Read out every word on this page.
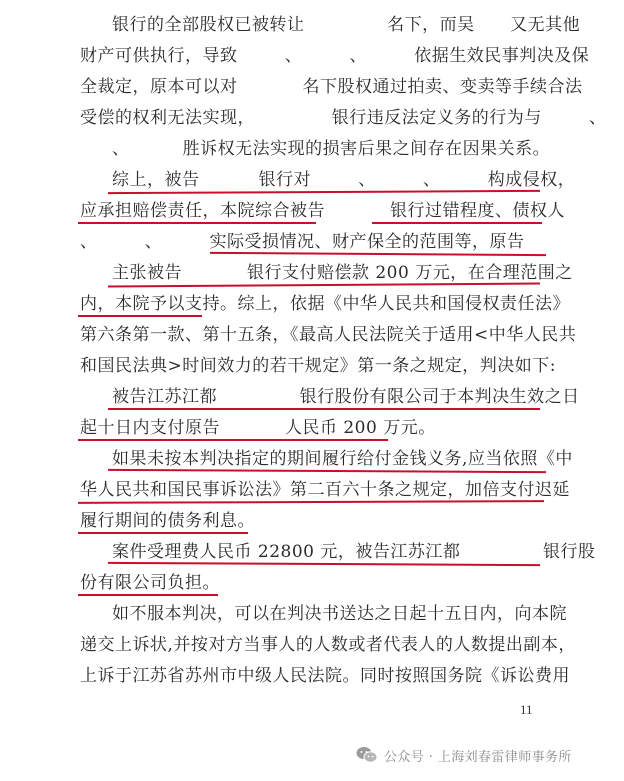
银行的全部股权已被转让              名下，而吴      又无其他
财产可供执行，导致        、        、        依据生效民事判决及保
全裁定，原本可以对           名下股权通过拍卖、变卖等手续合法
受偿的权利无法实现，             银行违反法定义务的行为与        、
、         胜诉权无法实现的损害后果之间存在因果关系。
综上，被告          银行对        、        、        构成侵权，
应承担赔偿责任，本院综合被告           银行过错程度、债权人
、        、        实际受损情况、财产保全的范围等，原告
主张被告           银行支付赔偿款 200 万元，在合理范围之
内，本院予以支持。综上，依据《中华人民共和国侵权责任法》
第六条第一款、第十五条，《最高人民法院关于适用<中华人民共
和国民法典>时间效力的若干规定》第一条之规定，判决如下:
被告江苏江都              银行股份有限公司于本判决生效之日
起十日内支付原告           人民币 200 万元。
如果未按本判决指定的期间履行给付金钱义务,应当依照《中
华人民共和国民事诉讼法》第二百六十条之规定，加倍支付迟延
履行期间的债务利息。
案件受理费人民币 22800 元，被告江苏江都              银行股
份有限公司负担。
如不服本判决，可以在判决书送达之日起十五日内，向本院
递交上诉状,并按对方当事人的人数或者代表人的人数提出副本，
上诉于江苏省苏州市中级人民法院。同时按照国务院《诉讼费用
11
公众号 · 上海刘春雷律师事务所
